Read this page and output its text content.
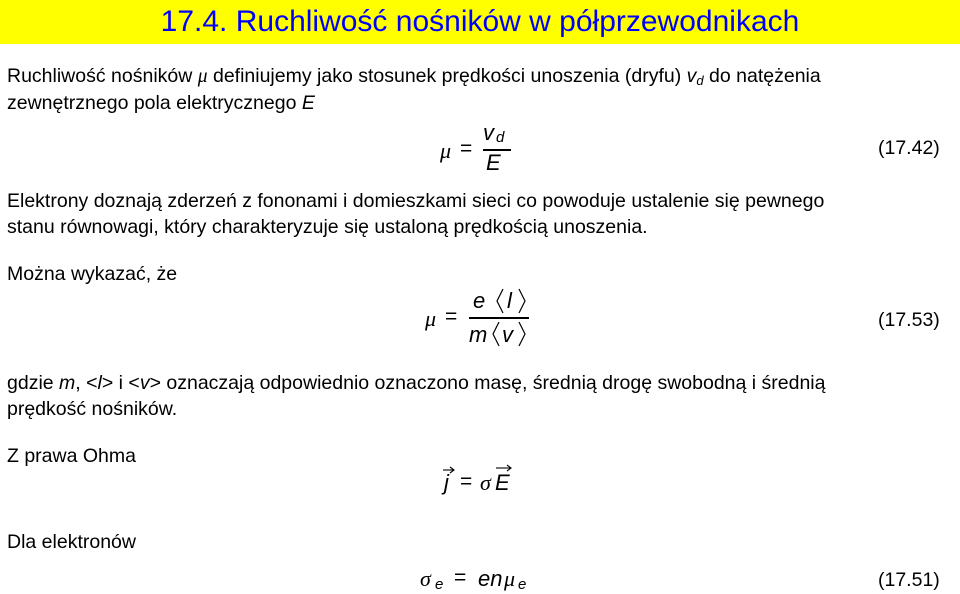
17.4. Ruchliwość nośników w półprzewodnikach
Ruchliwość nośników μ definiujemy jako stosunek prędkości unoszenia (dryfu) $v_d$ do natężenia
zewnętrznego pola elektrycznego E
μ =
v d
E
(17.42)
Elektrony doznają zderzeń z fononami i domieszkami sieci co powoduje ustalenie się pewnego
stanu równowagi, który charakteryzuje się ustaloną prędkością unoszenia.
Można wykazać, że
μ =
e l
m v
(17.53)
gdzie m, <l> i <v> oznaczają odpowiednio oznaczono masę, średnią drogę swobodną i średnią
prędkość nośników.
Z prawa Ohma
j = σ E
Dla elektronów
σ e = en μ e	(17.51)
